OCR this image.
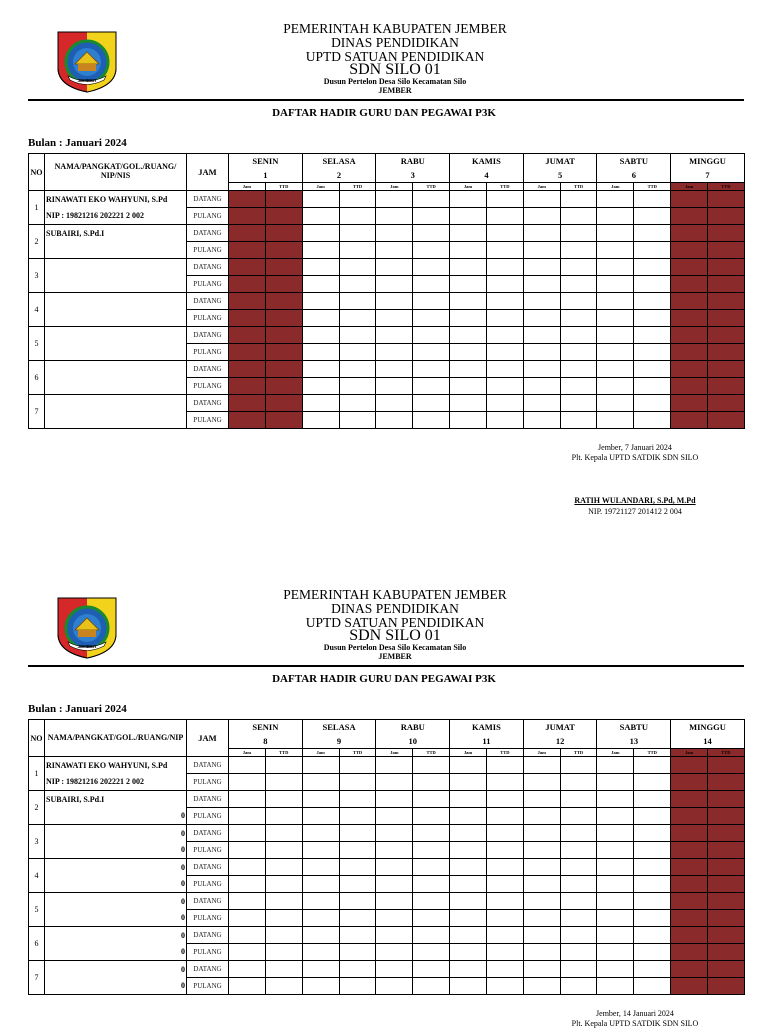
JEMBER
PEMERINTAH KABUPATEN JEMBER
DINAS PENDIDIKAN
UPTD SATUAN PENDIDIKAN
SDN SILO 01
Dusun Pertelon Desa Silo Kecamatan Silo
JEMBER
DAFTAR HADIR GURU DAN PEGAWAI P3K
Bulan : Januari 2024
NO	NAMA/PANGKAT/GOL./RUANG/ NIP/NIS	JAM	SENIN		SELASA		RABU		KAMIS		JUMAT		SABTU		MINGGU	
			1		2		3		4		5		6		7	
			Jam	TTD	Jam	TTD	Jam	TTD	Jam	TTD	Jam	TTD	Jam	TTD	Jam	TTD
1	RINAWATI EKO WAHYUNI, S.Pd	DATANG														
	NIP : 19821216 202221 2 002	PULANG														
2	SUBAIRI, S.Pd.I	DATANG														
		PULANG														
3		DATANG														
		PULANG														
4		DATANG														
		PULANG														
5		DATANG														
		PULANG														
6		DATANG														
		PULANG														
7		DATANG														
		PULANG														
Jember, 7 Januari 2024
Plt. Kepala UPTD SATDIK SDN SILO
RATIH WULANDARI, S.Pd, M.Pd
NIP. 19721127 201412 2 004
JEMBER
PEMERINTAH KABUPATEN JEMBER
DINAS PENDIDIKAN
UPTD SATUAN PENDIDIKAN
SDN SILO 01
Dusun Pertelon Desa Silo Kecamatan Silo
JEMBER
DAFTAR HADIR GURU DAN PEGAWAI P3K
Bulan : Januari 2024
NO	NAMA/PANGKAT/GOL./RUANG/NIP	JAM	SENIN		SELASA		RABU		KAMIS		JUMAT		SABTU		MINGGU	
			8		9		10		11		12		13		14	
			Jam	TTD	Jam	TTD	Jam	TTD	Jam	TTD	Jam	TTD	Jam	TTD	Jam	TTD
1	RINAWATI EKO WAHYUNI, S.Pd	DATANG														
	NIP : 19821216 202221 2 002	PULANG														
2	SUBAIRI, S.Pd.I	DATANG														
	0	PULANG														
3	0	DATANG														
	0	PULANG														
4	0	DATANG														
	0	PULANG														
5	0	DATANG														
	0	PULANG														
6	0	DATANG														
	0	PULANG														
7	0	DATANG														
	0	PULANG														
Jember, 14 Januari 2024
Plt. Kepala UPTD SATDIK SDN SILO
